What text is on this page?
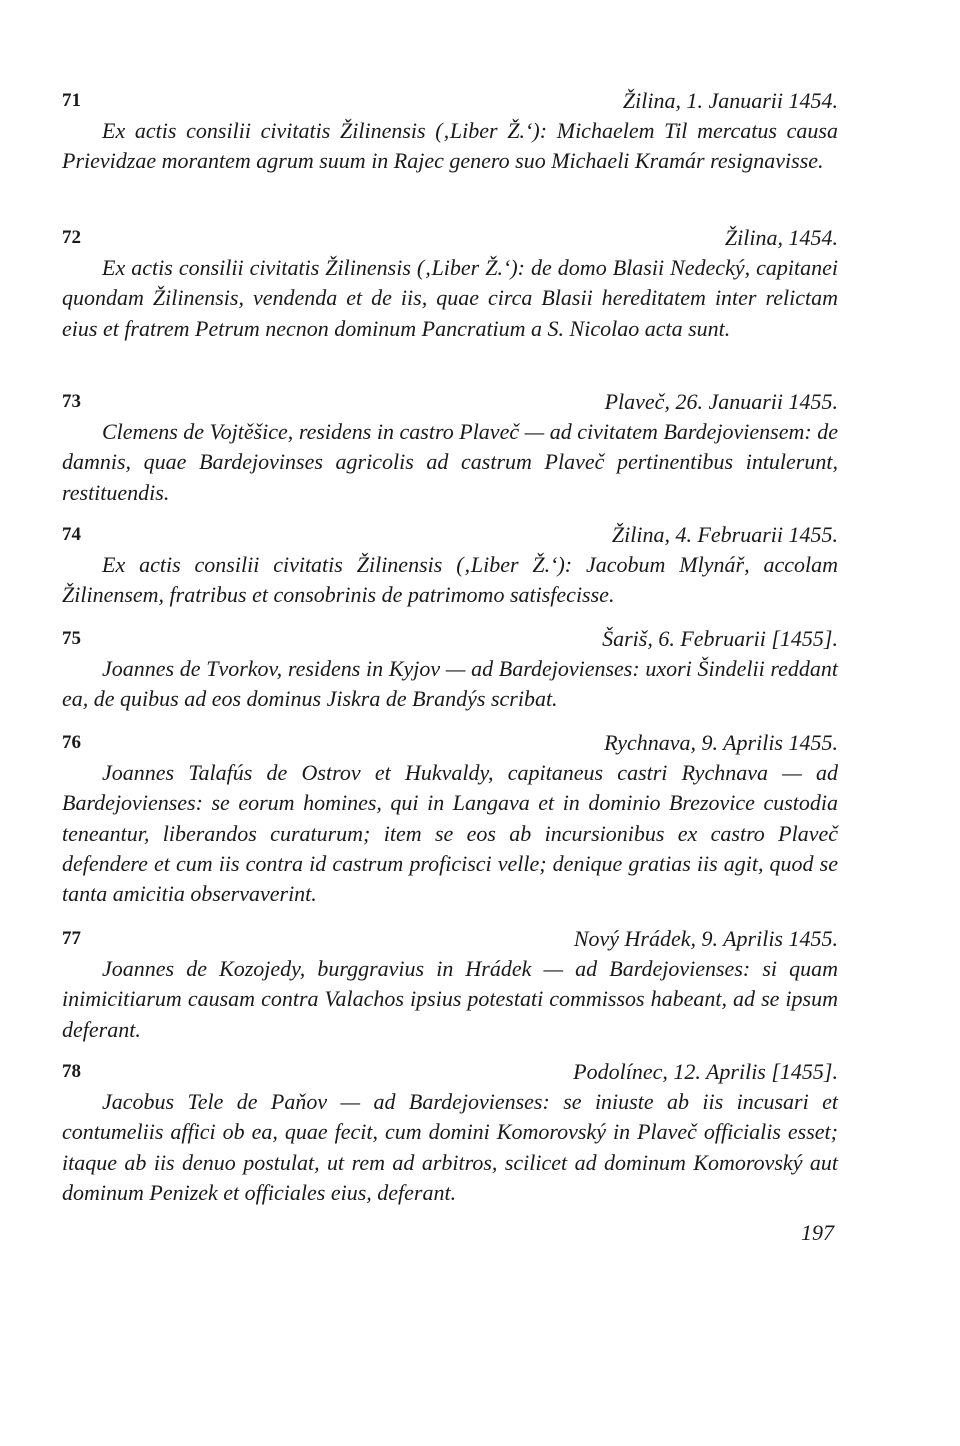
71	Žilina, 1. Januarii 1454.

Ex actis consilii civitatis Žilinensis (‚Liber Ž.‘): Michaelem Til mercatus causa Prievidzae morantem agrum suum in Rajec genero suo Michaeli Kramár resignavisse.

72	Žilina, 1454.

Ex actis consilii civitatis Žilinensis (‚Liber Ž.‘): de domo Blasii Nedecký, capitanei quondam Žilinensis, vendenda et de iis, quae circa Blasii hereditatem inter relictam eius et fratrem Petrum necnon dominum Pancratium a S. Nicolao acta sunt.

73	Plaveč, 26. Januarii 1455.

Clemens de Vojtěšice, residens in castro Plaveč — ad civitatem Bardejoviensem: de damnis, quae Bardejovinses agricolis ad castrum Plaveč pertinentibus intulerunt, restituendis.

74	Žilina, 4. Februarii 1455.

Ex actis consilii civitatis Žilinensis (‚Liber Ž.‘): Jacobum Mlynář, accolam Žilinensem, fratribus et consobrinis de patrimomo satisfecisse.

75	Šariš, 6. Februarii [1455].

Joannes de Tvorkov, residens in Kyjov — ad Bardejovienses: uxori Šindelii reddant ea, de quibus ad eos dominus Jiskra de Brandýs scribat.

76	Rychnava, 9. Aprilis 1455.

Joannes Talafús de Ostrov et Hukvaldy, capitaneus castri Rychnava — ad Bardejovienses: se eorum homines, qui in Langava et in dominio Brezovice custodia teneantur, liberandos curaturum; item se eos ab incursionibus ex castro Plaveč defendere et cum iis contra id castrum proficisci velle; denique gratias iis agit, quod se tanta amicitia observaverint.

77	Nový Hrádek, 9. Aprilis 1455.

Joannes de Kozojedy, burggravius in Hrádek — ad Bardejovienses: si quam inimicitiarum causam contra Valachos ipsius potestati commissos habeant, ad se ipsum deferant.

78	Podolínec, 12. Aprilis [1455].

Jacobus Tele de Paňov — ad Bardejovienses: se iniuste ab iis incusari et contumeliis affici ob ea, quae fecit, cum domini Komorovský in Plaveč officialis esset; itaque ab iis denuo postulat, ut rem ad arbitros, scilicet ad dominum Komorovský aut dominum Penizek et officiales eius, deferant.

197
